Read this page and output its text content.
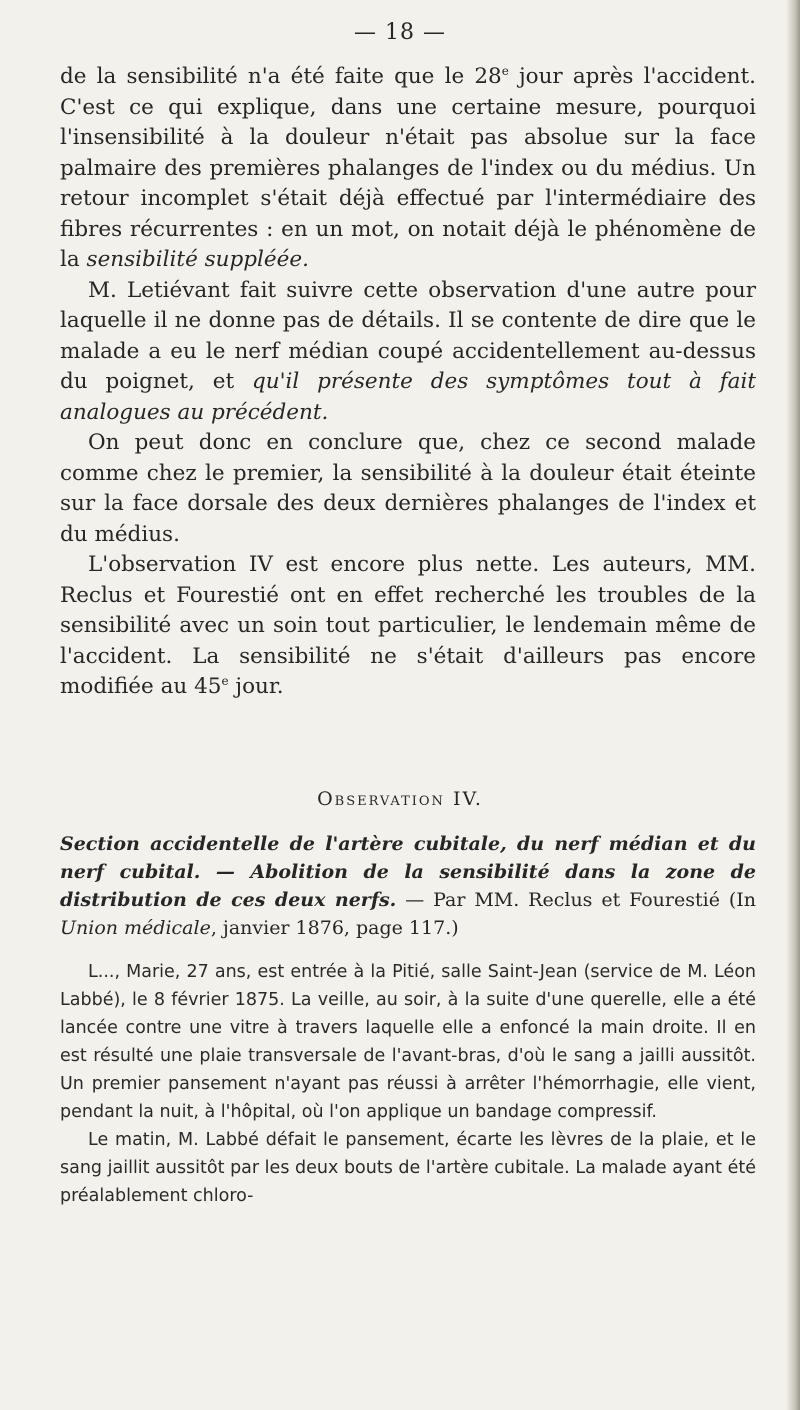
— 18 —

de la sensibilité n'a été faite que le 28e jour après l'accident. C'est ce qui explique, dans une certaine mesure, pourquoi l'insensibilité à la douleur n'était pas absolue sur la face palmaire des premières phalanges de l'index ou du médius. Un retour incomplet s'était déjà effectué par l'intermédiaire des fibres récurrentes : en un mot, on notait déjà le phénomène de la sensibilité suppléée.

M. Letiévant fait suivre cette observation d'une autre pour laquelle il ne donne pas de détails. Il se contente de dire que le malade a eu le nerf médian coupé accidentellement au-dessus du poignet, et qu'il présente des symptômes tout à fait analogues au précédent.

On peut donc en conclure que, chez ce second malade comme chez le premier, la sensibilité à la douleur était éteinte sur la face dorsale des deux dernières phalanges de l'index et du médius.

L'observation IV est encore plus nette. Les auteurs, MM. Reclus et Fourestié ont en effet recherché les troubles de la sensibilité avec un soin tout particulier, le lendemain même de l'accident. La sensibilité ne s'était d'ailleurs pas encore modifiée au 45e jour.

Observation IV.
Section accidentelle de l'artère cubitale, du nerf médian et du nerf cubital. — Abolition de la sensibilité dans la zone de distribution de ces deux nerfs. — Par MM. Reclus et Fourestié (In Union médicale, janvier 1876, page 117.)

L..., Marie, 27 ans, est entrée à la Pitié, salle Saint-Jean (service de M. Léon Labbé), le 8 février 1875. La veille, au soir, à la suite d'une querelle, elle a été lancée contre une vitre à travers laquelle elle a enfoncé la main droite. Il en est résulté une plaie transversale de l'avant-bras, d'où le sang a jailli aussitôt. Un premier pansement n'ayant pas réussi à arrêter l'hémorrhagie, elle vient, pendant la nuit, à l'hôpital, où l'on applique un bandage compressif.

Le matin, M. Labbé défait le pansement, écarte les lèvres de la plaie, et le sang jaillit aussitôt par les deux bouts de l'artère cubitale. La malade ayant été préalablement chloro-
